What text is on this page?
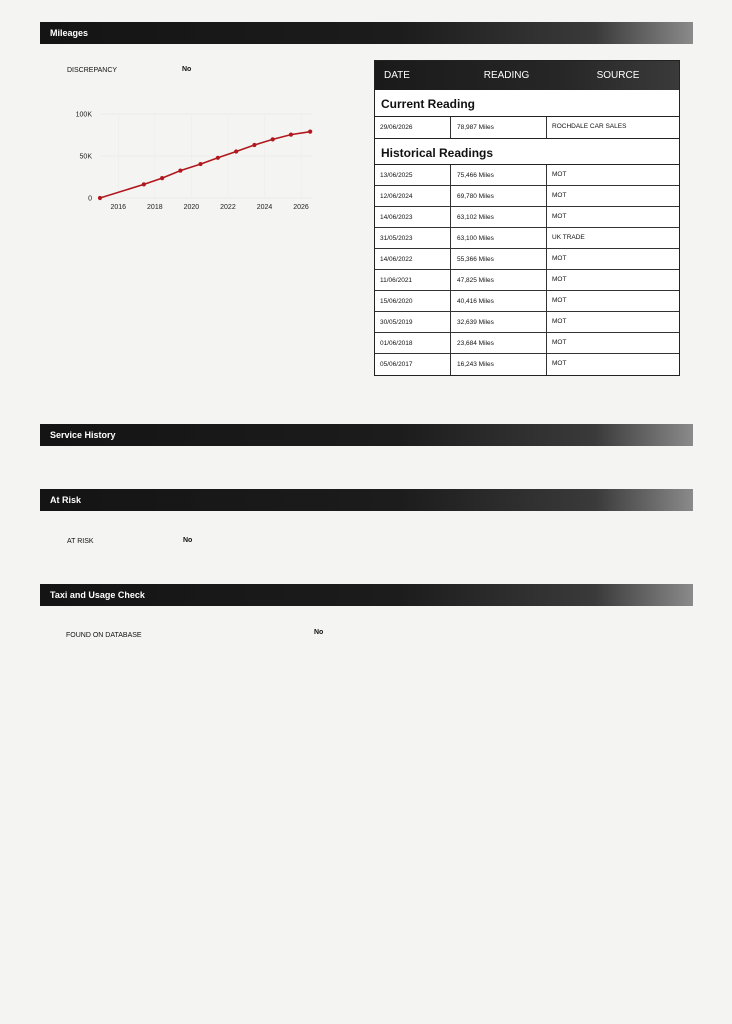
Mileages
DISCREPANCY	No
0
50K
100K
2016	2018	2020	2022	2024	2026
DATE	READING	SOURCE
Current Reading
29/06/2026	78,987 Miles	ROCHDALE CAR SALES
Historical Readings
13/06/2025	75,466 Miles	MOT
12/06/2024	69,780 Miles	MOT
14/06/2023	63,102 Miles	MOT
31/05/2023	63,100 Miles	UK TRADE
14/06/2022	55,366 Miles	MOT
11/06/2021	47,825 Miles	MOT
15/06/2020	40,416 Miles	MOT
30/05/2019	32,639 Miles	MOT
01/06/2018	23,684 Miles	MOT
05/06/2017	16,243 Miles	MOT
Service History
At Risk
AT RISK	No
Taxi and Usage Check
FOUND ON DATABASE	No
